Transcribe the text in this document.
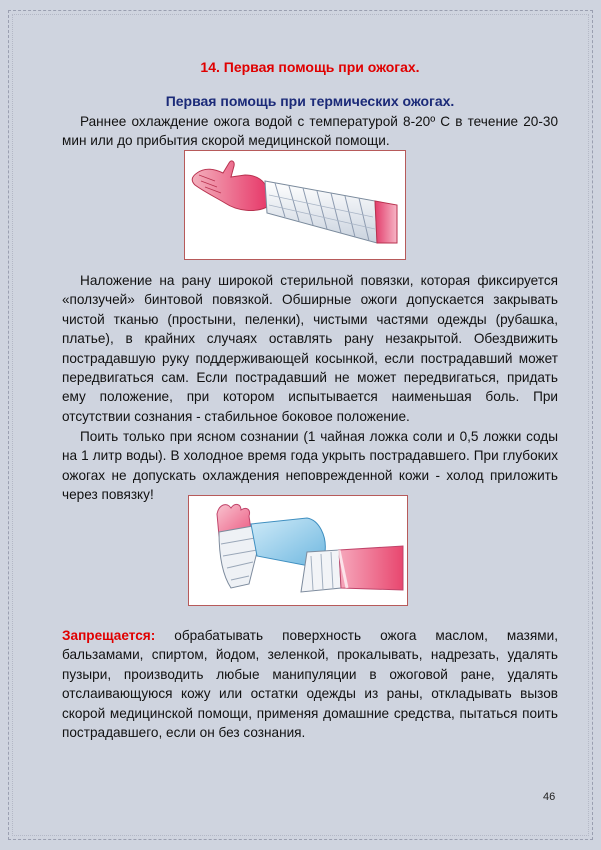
14. Первая помощь при ожогах.
Первая помощь при термических ожогах.

Раннее охлаждение ожога водой с температурой 8-20º С в течение 20-30 мин или до прибытия скорой медицинской помощи.

Наложение на рану широкой стерильной повязки, которая фиксируется «ползучей» бинтовой повязкой. Обширные ожоги допускается закрывать чистой тканью (простыни, пеленки), чистыми частями одежды (рубашка, платье), в крайних случаях оставлять рану незакрытой. Обездвижить пострадавшую руку поддерживающей косынкой, если пострадавший может передвигаться сам. Если пострадавший не может передвигаться, придать ему положение, при котором испытывается наименьшая боль. При отсутствии сознания - стабильное боковое положение.

Поить только при ясном сознании (1 чайная ложка соли и 0,5 ложки соды на 1 литр воды). В холодное время года укрыть пострадавшего. При глубоких ожогах не допускать охлаждения неповрежденной кожи - холод приложить через повязку!

Запрещается: обрабатывать поверхность ожога маслом, мазями, бальзамами, спиртом, йодом, зеленкой, прокалывать, надрезать, удалять пузыри, производить любые манипуляции в ожоговой ране, удалять отслаивающуюся кожу или остатки одежды из раны, откладывать вызов скорой медицинской помощи, применяя домашние средства, пытаться поить пострадавшего, если он без сознания.

46
